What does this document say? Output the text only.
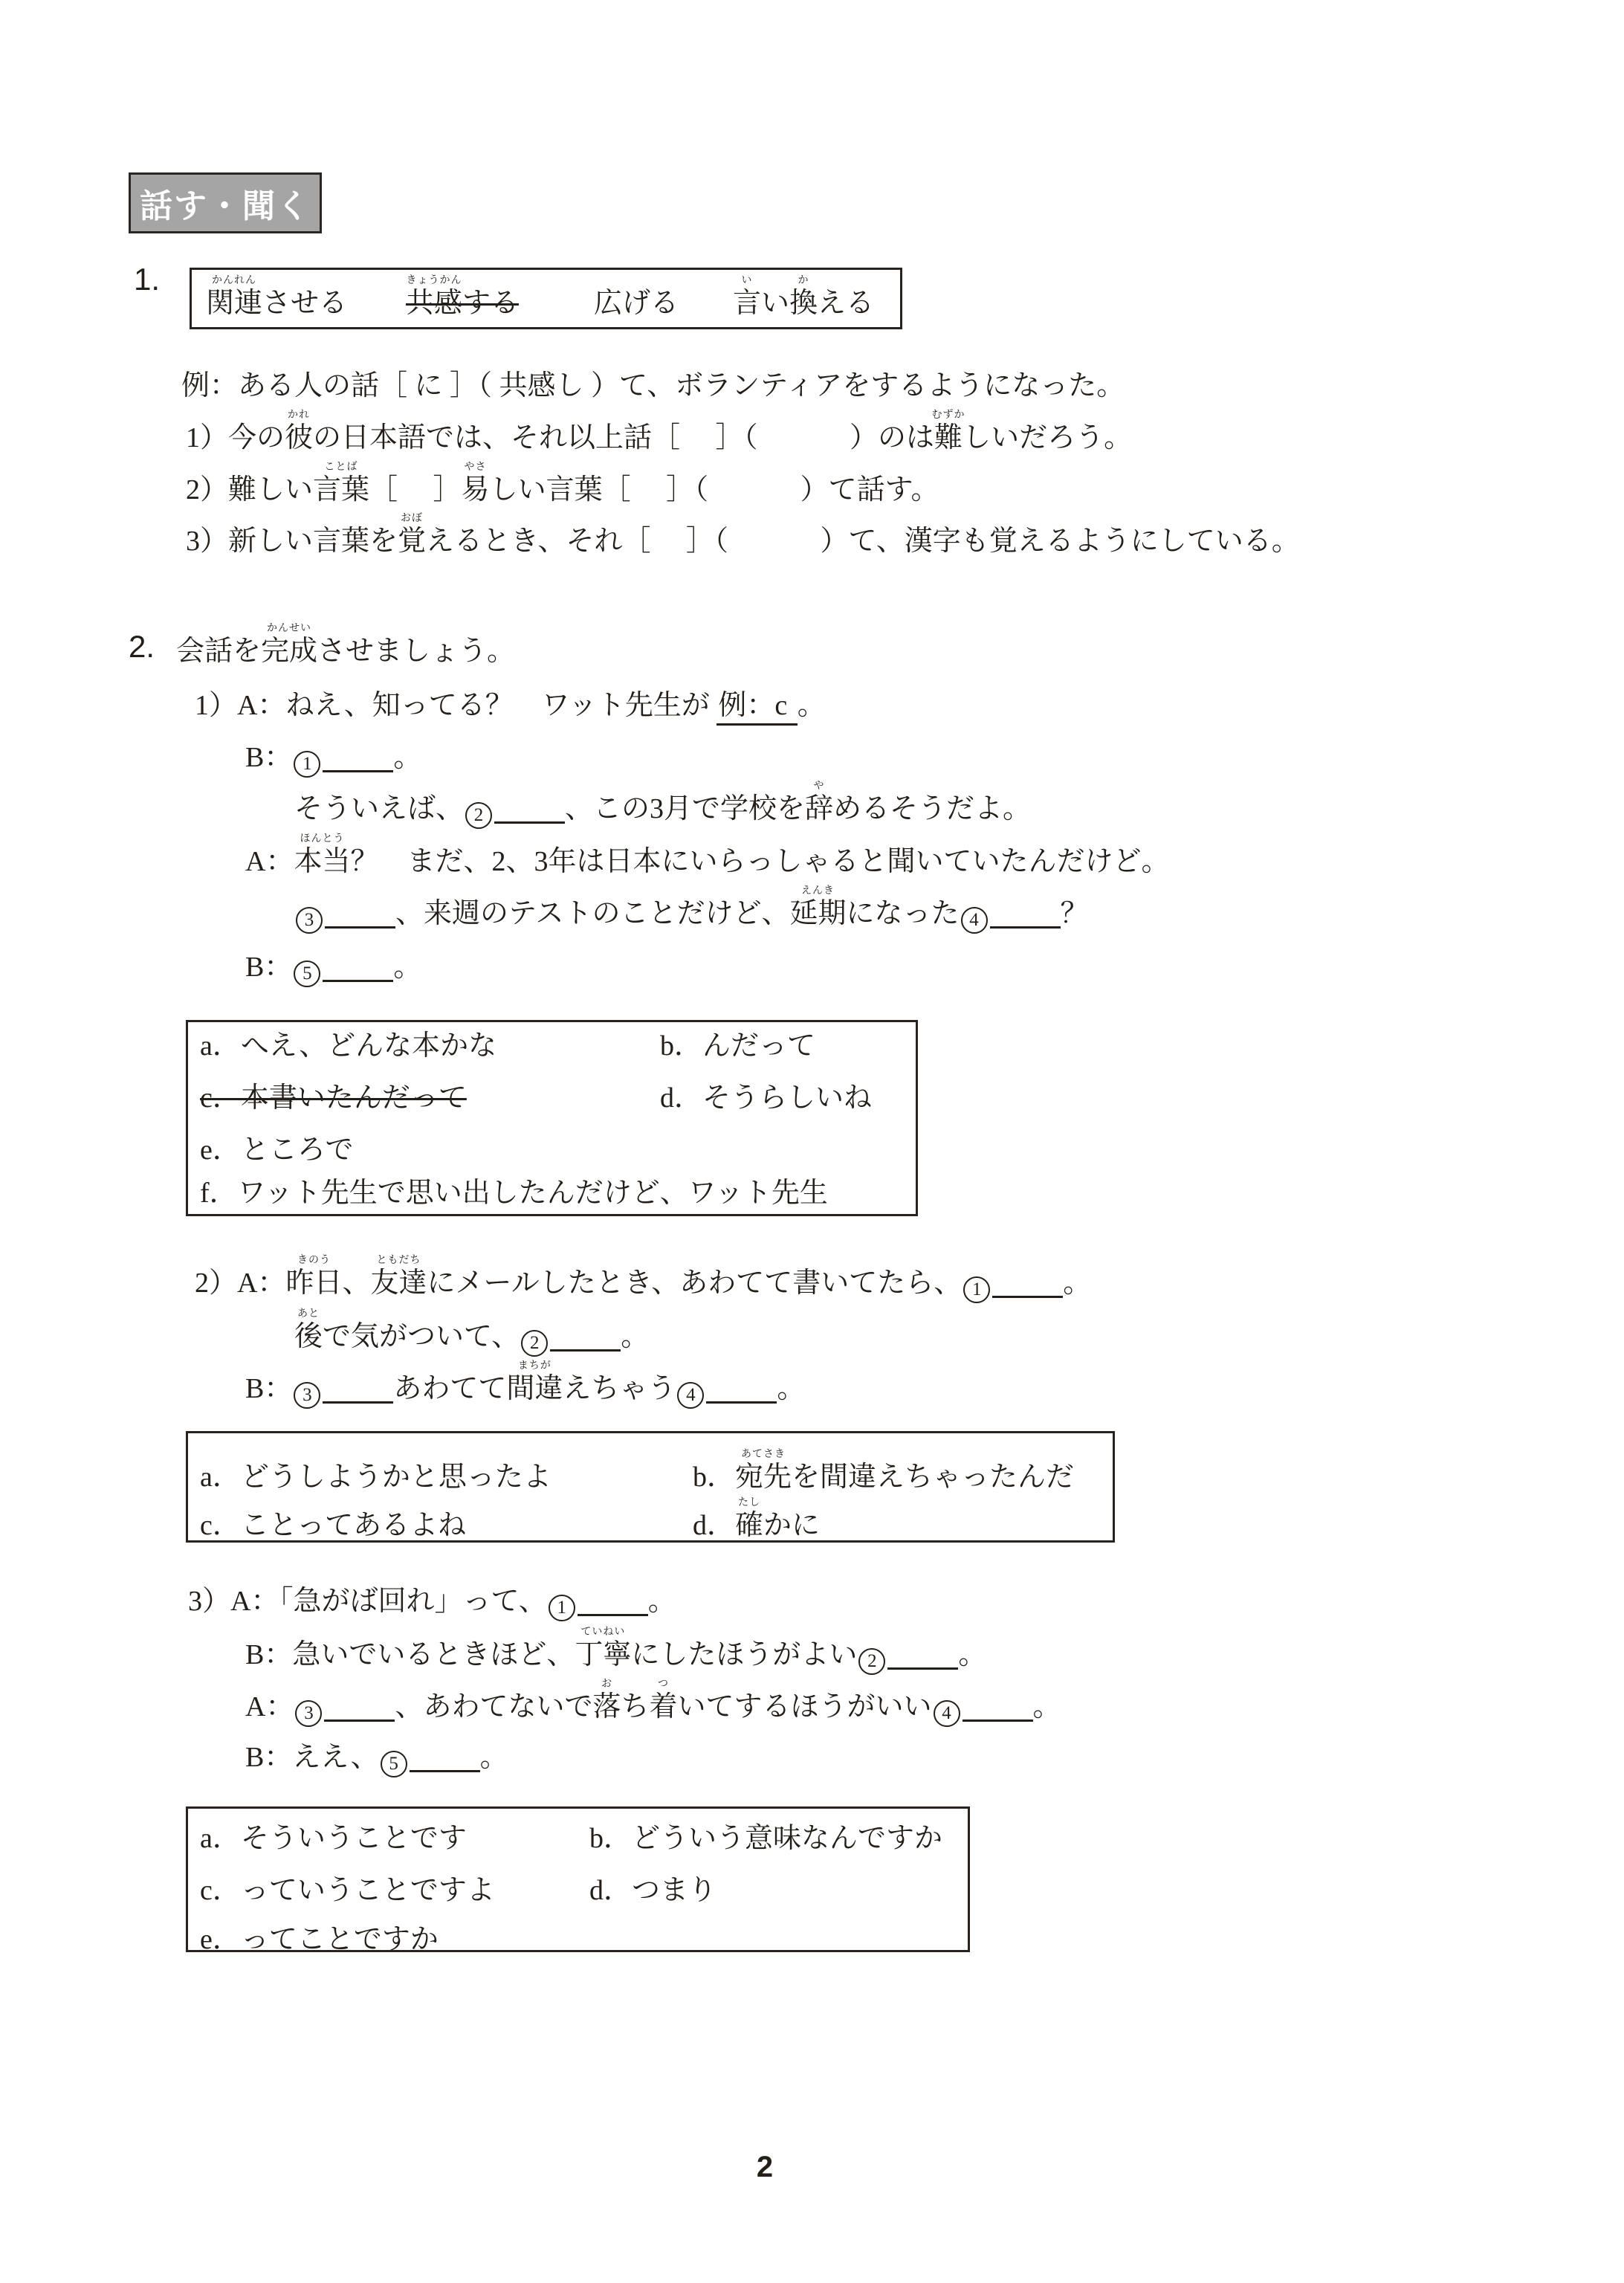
話す・聞く
1.
関連
かんれん
させる 共感
きょうかん
する	広げる 言
い
い換
か
える
例：ある人の話［ に ］（ 共感し ）て、ボランティアをするようになった。
1）今の彼
かれ
の日本語では、それ以上話［　 ］（　　　 ）のは難
むずか
しいだろう。
2）難しい言葉
ことば
［　 ］易
やさ
しい言葉［　 ］（　　　 ）て話す。
3）新しい言葉を覚
おぼ
えるとき、それ［　 ］（　　　 ）て、漢字も覚えるようにしている。
2. 会話を完成
かんせい
させましょう。
1）A：ねえ、知ってる？　ワット先生が 例：c 。
B： 1	。
そういえば、 2	、この3月で学校を辞
や
めるそうだよ。
A：本当
ほんとう
？　まだ、2、3年は日本にいらっしゃると聞いていたんだけど。
3	、来週のテストのことだけど、延期
えんき
になった 4	？
B： 5	。
a．へえ、どんな本かな	b．んだって
c．本書いたんだって	d．そうらしいね
e．ところで
f．ワット先生で思い出したんだけど、ワット先生
2）A：昨日
きのう
、友達
ともだち
にメールしたとき、あわてて書いてたら、 1	。
後
あと
で気がついて、 2	。
B： 3	あわてて間違
まちが
えちゃう 4	。
a．どうしようかと思ったよ	b．宛先
あてさき
を間違えちゃったんだ
c．ことってあるよね	d．確
たし
かに
3）A：「急がば回れ」って、 1	。
B：急いでいるときほど、丁寧
ていねい
にしたほうがよい 2	。
A： 3	、あわてないで落
お
ち着
つ
いてするほうがいい 4	。
B：ええ、 5	。
a．そういうことです	b．どういう意味なんですか
c．っていうことですよ	d．つまり
e．ってことですか
2
